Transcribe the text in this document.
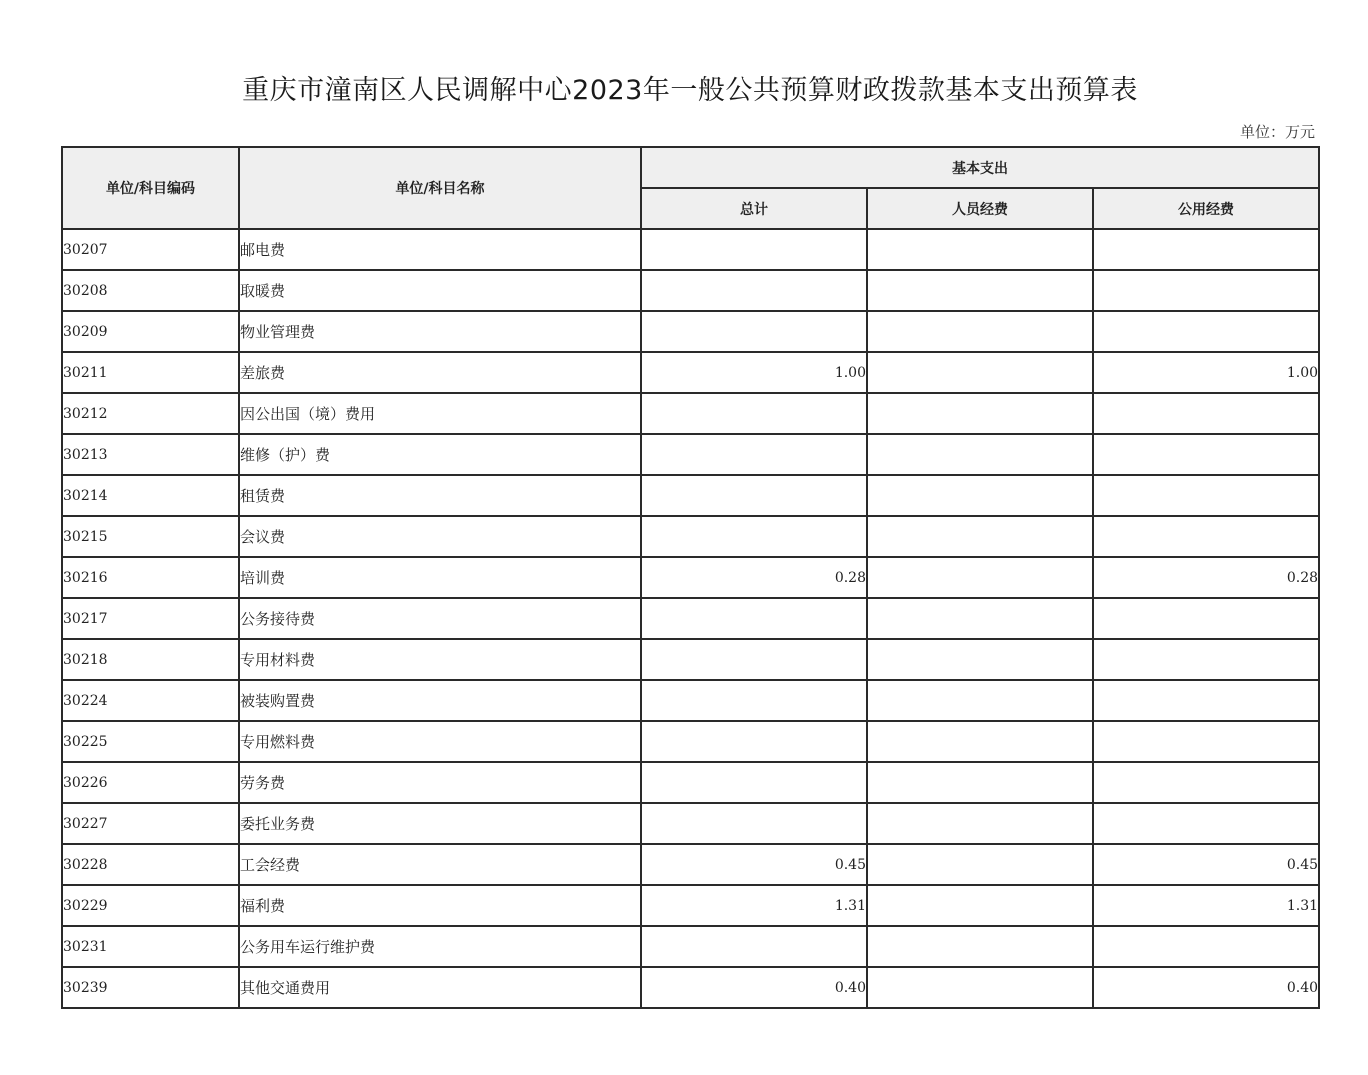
重庆市潼南区人民调解中心2023年一般公共预算财政拨款基本支出预算表
单位：万元
单位/科目编码	单位/科目名称	基本支出		
		总计	人员经费	公用经费
30207	邮电费			
30208	取暖费			
30209	物业管理费			
30211	差旅费	1.00		1.00
30212	因公出国（境）费用			
30213	维修（护）费			
30214	租赁费			
30215	会议费			
30216	培训费	0.28		0.28
30217	公务接待费			
30218	专用材料费			
30224	被装购置费			
30225	专用燃料费			
30226	劳务费			
30227	委托业务费			
30228	工会经费	0.45		0.45
30229	福利费	1.31		1.31
30231	公务用车运行维护费			
30239	其他交通费用	0.40		0.40
